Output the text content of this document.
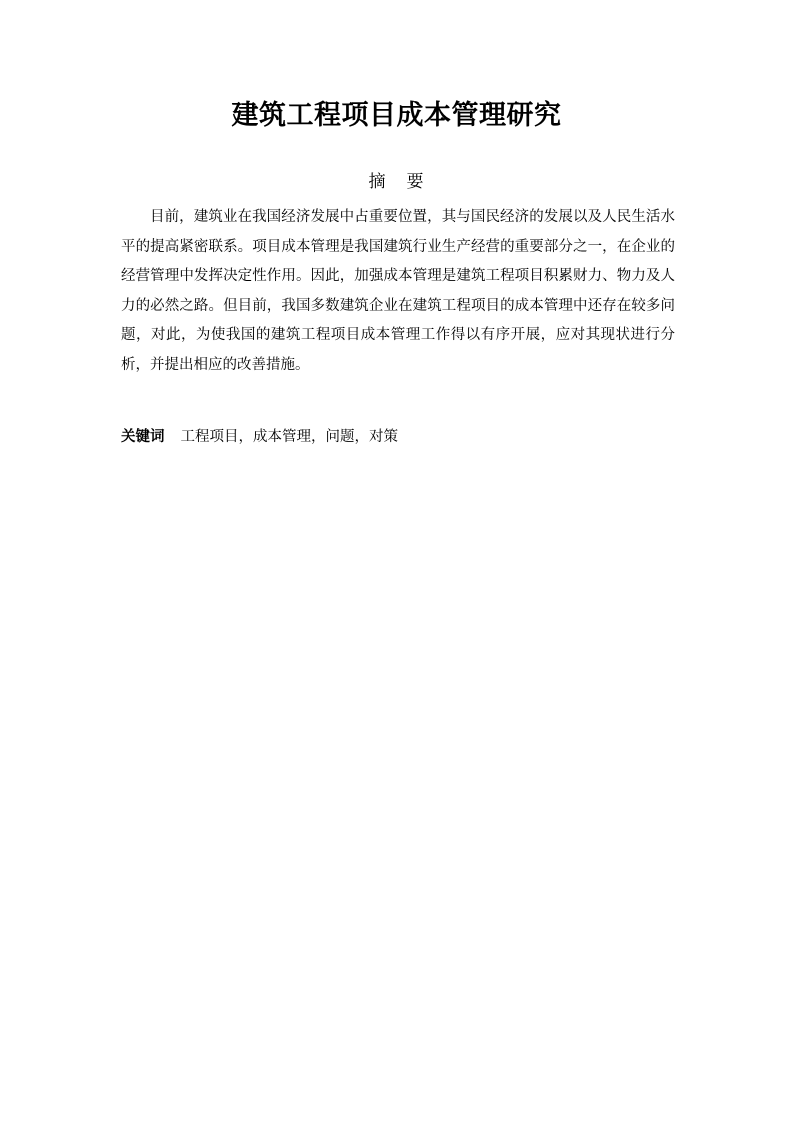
建筑工程项目成本管理研究
摘 要

目前，建筑业在我国经济发展中占重要位置，其与国民经济的发展以及人民生活水平的提高紧密联系。项目成本管理是我国建筑行业生产经营的重要部分之一，在企业的经营管理中发挥决定性作用。因此，加强成本管理是建筑工程项目积累财力、物力及人力的必然之路。但目前，我国多数建筑企业在建筑工程项目的成本管理中还存在较多问题，对此，为使我国的建筑工程项目成本管理工作得以有序开展，应对其现状进行分析，并提出相应的改善措施。

关键词 工程项目，成本管理，问题，对策
